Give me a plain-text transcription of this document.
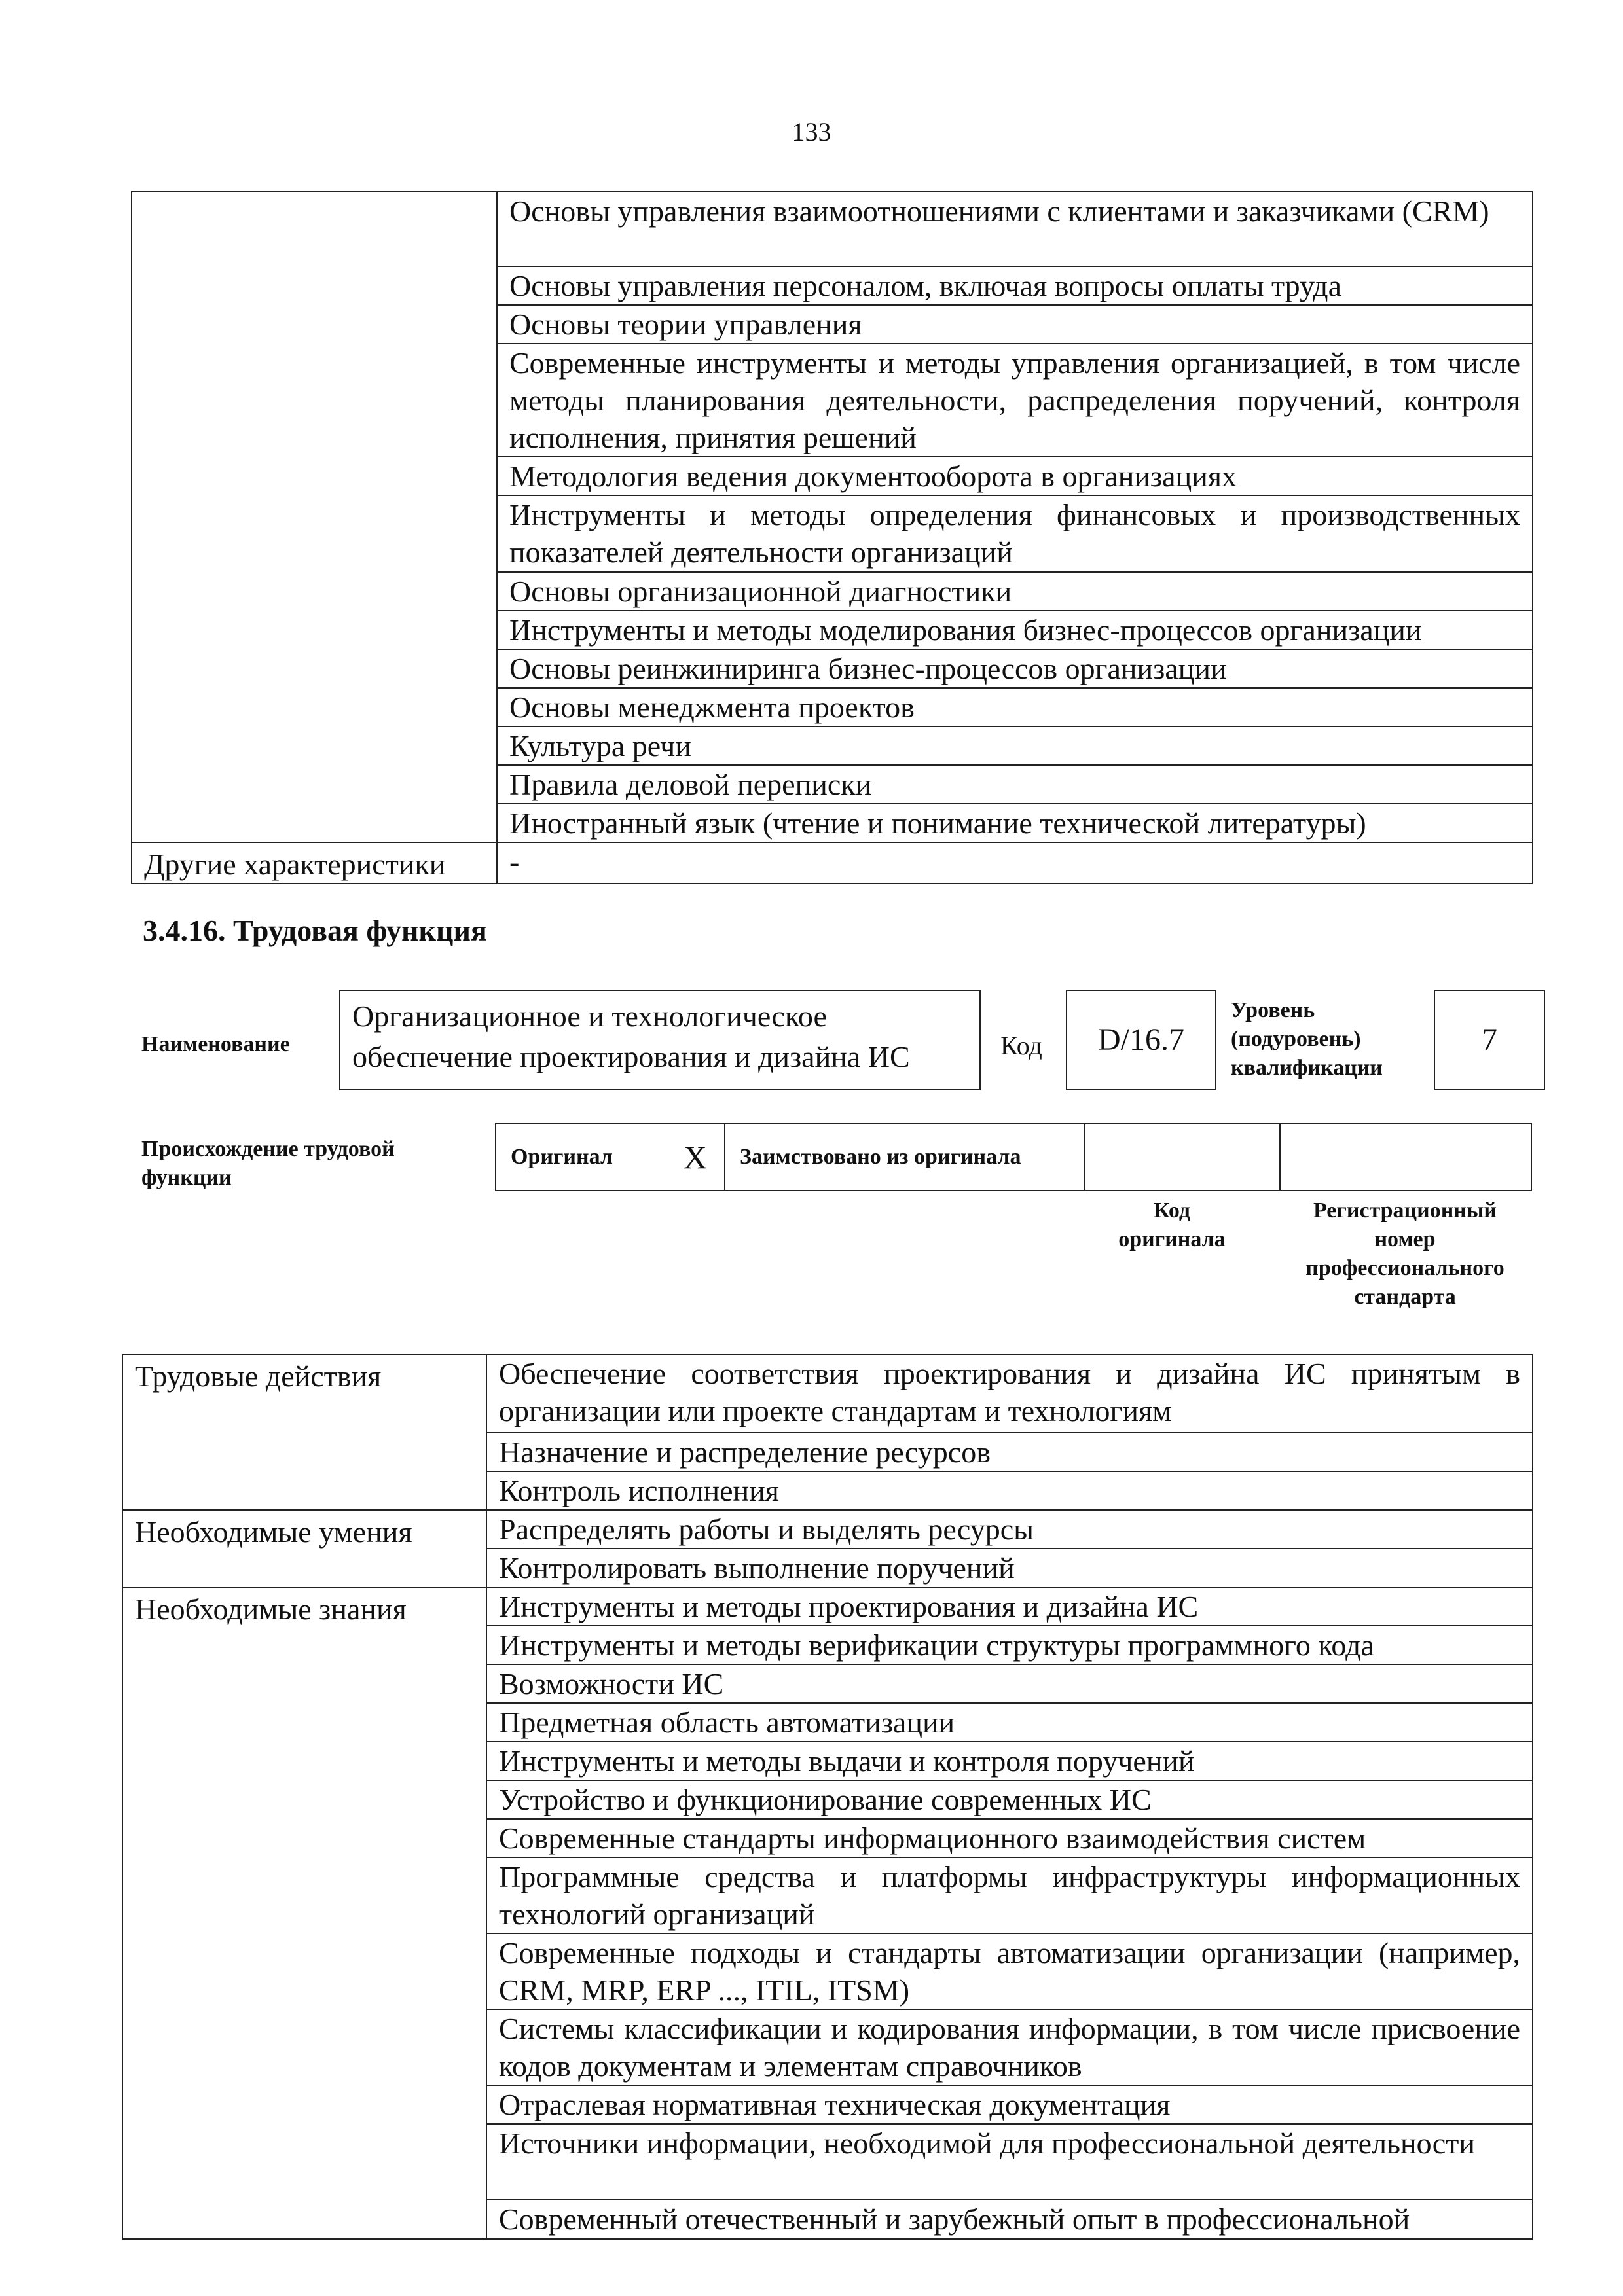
133
	Основы управления взаимоотношениями с клиентами и заказчиками (CRM)
	Основы управления персоналом, включая вопросы оплаты труда
	Основы теории управления
	Современные инструменты и методы управления организацией, в том числе методы планирования деятельности, распределения поручений, контроля исполнения, принятия решений
	Методология ведения документооборота в организациях
	Инструменты и методы определения финансовых и производственных показателей деятельности организаций
	Основы организационной диагностики
	Инструменты и методы моделирования бизнес-процессов организации
	Основы реинжиниринга бизнес-процессов организации
	Основы менеджмента проектов
	Культура речи
	Правила деловой переписки
	Иностранный язык (чтение и понимание технической литературы)
Другие характеристики	-
3.4.16. Трудовая функция
Наименование
Организационное и технологическое обеспечение проектирования и дизайна ИС	Код	D/16.7
Уровень
(подуровень)
квалификации
7
Происхождение трудовой
функции
Оригинал X Заимствовано из оригинала
Код
оригинала
Регистрационный
номер
профессионального
стандарта
Трудовые действия	Обеспечение соответствия проектирования и дизайна ИС принятым в организации или проекте стандартам и технологиям
	Назначение и распределение ресурсов
	Контроль исполнения
Необходимые умения	Распределять работы и выделять ресурсы
	Контролировать выполнение поручений
Необходимые знания	Инструменты и методы проектирования и дизайна ИС
	Инструменты и методы верификации структуры программного кода
	Возможности ИС
	Предметная область автоматизации
	Инструменты и методы выдачи и контроля поручений
	Устройство и функционирование современных ИС
	Современные стандарты информационного взаимодействия систем
	Программные средства и платформы инфраструктуры информационных технологий организаций
	Современные подходы и стандарты автоматизации организации (например, CRM, MRP, ERP ..., ITIL, ITSM)
	Системы классификации и кодирования информации, в том числе присвоение кодов документам и элементам справочников
	Отраслевая нормативная техническая документация
	Источники информации, необходимой для профессиональной деятельности
	Современный отечественный и зарубежный опыт в профессиональной
